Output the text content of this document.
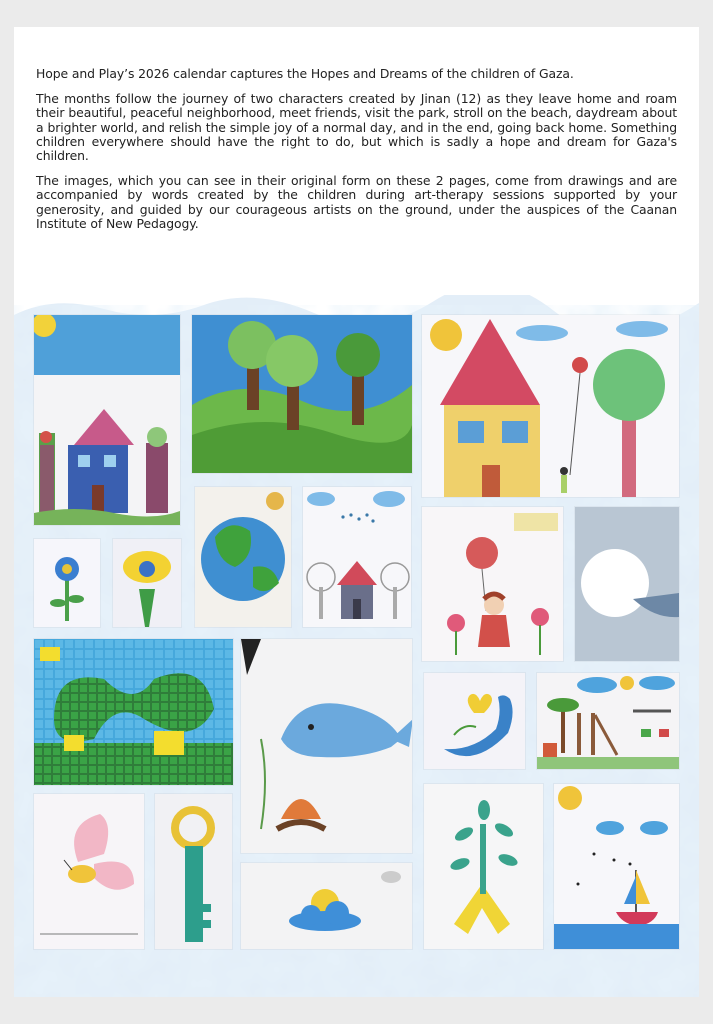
Hope and Play’s 2026 calendar captures the Hopes and Dreams of the children of Gaza.

The months follow the journey of two characters created by Jinan (12) as they leave home and roam their beautiful, peaceful neighborhood, meet friends, visit the park, stroll on the beach, daydream about a brighter world, and relish the simple joy of a normal day, and in the end, going back home. Something children everywhere should have the right to do, but which is sadly a hope and dream for Gaza's children.

The images, which you can see in their original form on these 2 pages, come from drawings and are accompanied by words created by the children during art-therapy sessions supported by your generosity, and guided by our courageous artists on the ground, under the auspices of the Caanan Institute of New Pedagogy.
